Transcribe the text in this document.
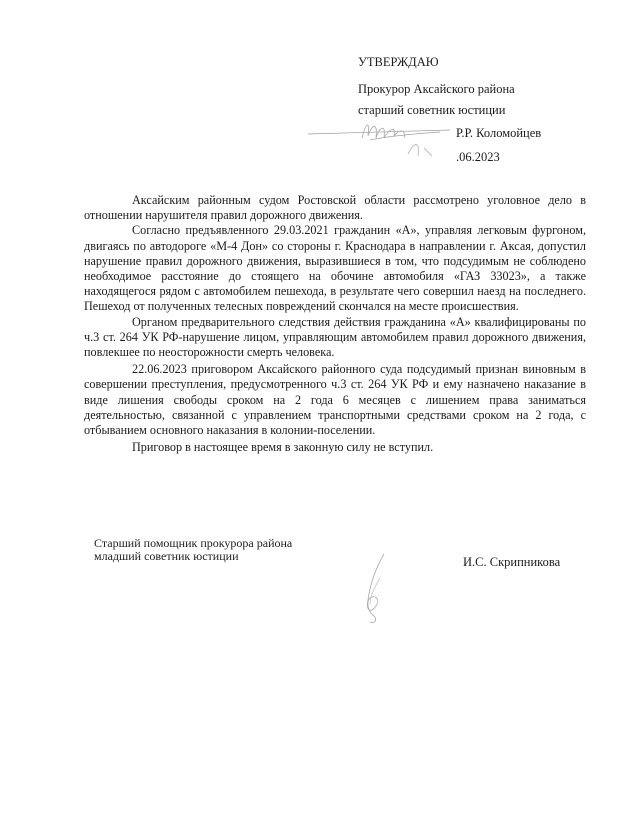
УТВЕРЖДАЮ
Прокурор Аксайского района
старший советник юстиции
Р.Р. Коломойцев
.06.2023

Аксайским районным судом Ростовской области рассмотрено уголовное дело в отношении нарушителя правил дорожного движения.

Согласно предъявленного 29.03.2021 гражданин «А», управляя легковым фургоном, двигаясь по автодороге «М-4 Дон» со стороны г. Краснодара в направлении г. Аксая, допустил нарушение правил дорожного движения, выразившиеся в том, что подсудимым не соблюдено необходимое расстояние до стоящего на обочине автомобиля «ГАЗ 33023», а также находящегося рядом с автомобилем пешехода, в результате чего совершил наезд на последнего. Пешеход от полученных телесных повреждений скончался на месте происшествия.

Органом предварительного следствия действия гражданина «А» квалифицированы по ч.3 ст. 264 УК РФ-нарушение лицом, управляющим автомобилем правил дорожного движения, повлекшее по неосторожности смерть человека.

22.06.2023 приговором Аксайского районного суда подсудимый признан виновным в совершении преступления, предусмотренного ч.3 ст. 264 УК РФ и ему назначено наказание в виде лишения свободы сроком на 2 года 6 месяцев с лишением права заниматься деятельностью, связанной с управлением транспортными средствами сроком на 2 года, с отбыванием основного наказания в колонии-поселении.

Приговор в настоящее время в законную силу не вступил.

Старший помощник прокурора района
младший советник юстиции	И.С. Скрипникова
